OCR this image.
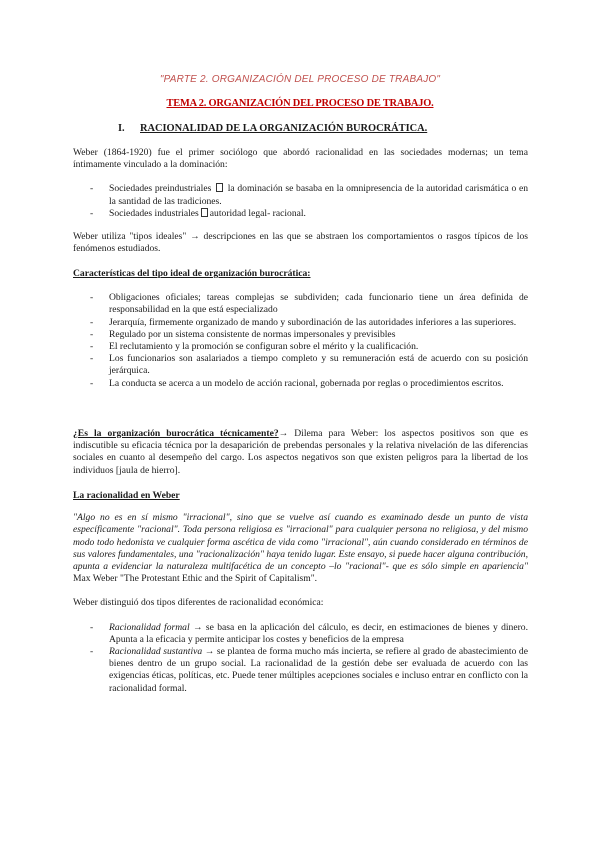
"PARTE 2. ORGANIZACIÓN DEL PROCESO DE TRABAJO"
TEMA 2. ORGANIZACIÓN DEL PROCESO DE TRABAJO.
I. RACIONALIDAD DE LA ORGANIZACIÓN BUROCRÁTICA.

Weber (1864-1920) fue el primer sociólogo que abordó racionalidad en las sociedades modernas; un tema íntimamente vinculado a la dominación:

- Sociedades preindustriales la dominación se basaba en la omnipresencia de la autoridad carismática o en la santidad de las tradiciones.
- Sociedades industriales autoridad legal- racional.

Weber utiliza "tipos ideales" → descripciones en las que se abstraen los comportamientos o rasgos típicos de los fenómenos estudiados.

Características del tipo ideal de organización burocrática:

- Obligaciones oficiales; tareas complejas se subdividen; cada funcionario tiene un área definida de responsabilidad en la que está especializado
- Jerarquía, firmemente organizado de mando y subordinación de las autoridades inferiores a las superiores.
- Regulado por un sistema consistente de normas impersonales y previsibles
- El reclutamiento y la promoción se configuran sobre el mérito y la cualificación.
- Los funcionarios son asalariados a tiempo completo y su remuneración está de acuerdo con su posición jerárquica.
- La conducta se acerca a un modelo de acción racional, gobernada por reglas o procedimientos escritos.

¿Es la organización burocrática técnicamente?→ Dilema para Weber: los aspectos positivos son que es indiscutible su eficacia técnica por la desaparición de prebendas personales y la relativa nivelación de las diferencias sociales en cuanto al desempeño del cargo. Los aspectos negativos son que existen peligros para la libertad de los individuos [jaula de hierro].

La racionalidad en Weber

"Algo no es en sí mismo "irracional", sino que se vuelve así cuando es examinado desde un punto de vista específicamente "racional". Toda persona religiosa es "irracional" para cualquier persona no religiosa, y del mismo modo todo hedonista ve cualquier forma ascética de vida como "irracional", aún cuando considerado en términos de sus valores fundamentales, una "racionalización" haya tenido lugar. Este ensayo, si puede hacer alguna contribución, apunta a evidenciar la naturaleza multifacética de un concepto –lo "racional"- que es sólo simple en apariencia" Max Weber "The Protestant Ethic and the Spirit of Capitalism".

Weber distinguió dos tipos diferentes de racionalidad económica:

- Racionalidad formal → se basa en la aplicación del cálculo, es decir, en estimaciones de bienes y dinero. Apunta a la eficacia y permite anticipar los costes y beneficios de la empresa
- Racionalidad sustantiva → se plantea de forma mucho más incierta, se refiere al grado de abastecimiento de bienes dentro de un grupo social. La racionalidad de la gestión debe ser evaluada de acuerdo con las exigencias éticas, políticas, etc. Puede tener múltiples acepciones sociales e incluso entrar en conflicto con la racionalidad formal.
